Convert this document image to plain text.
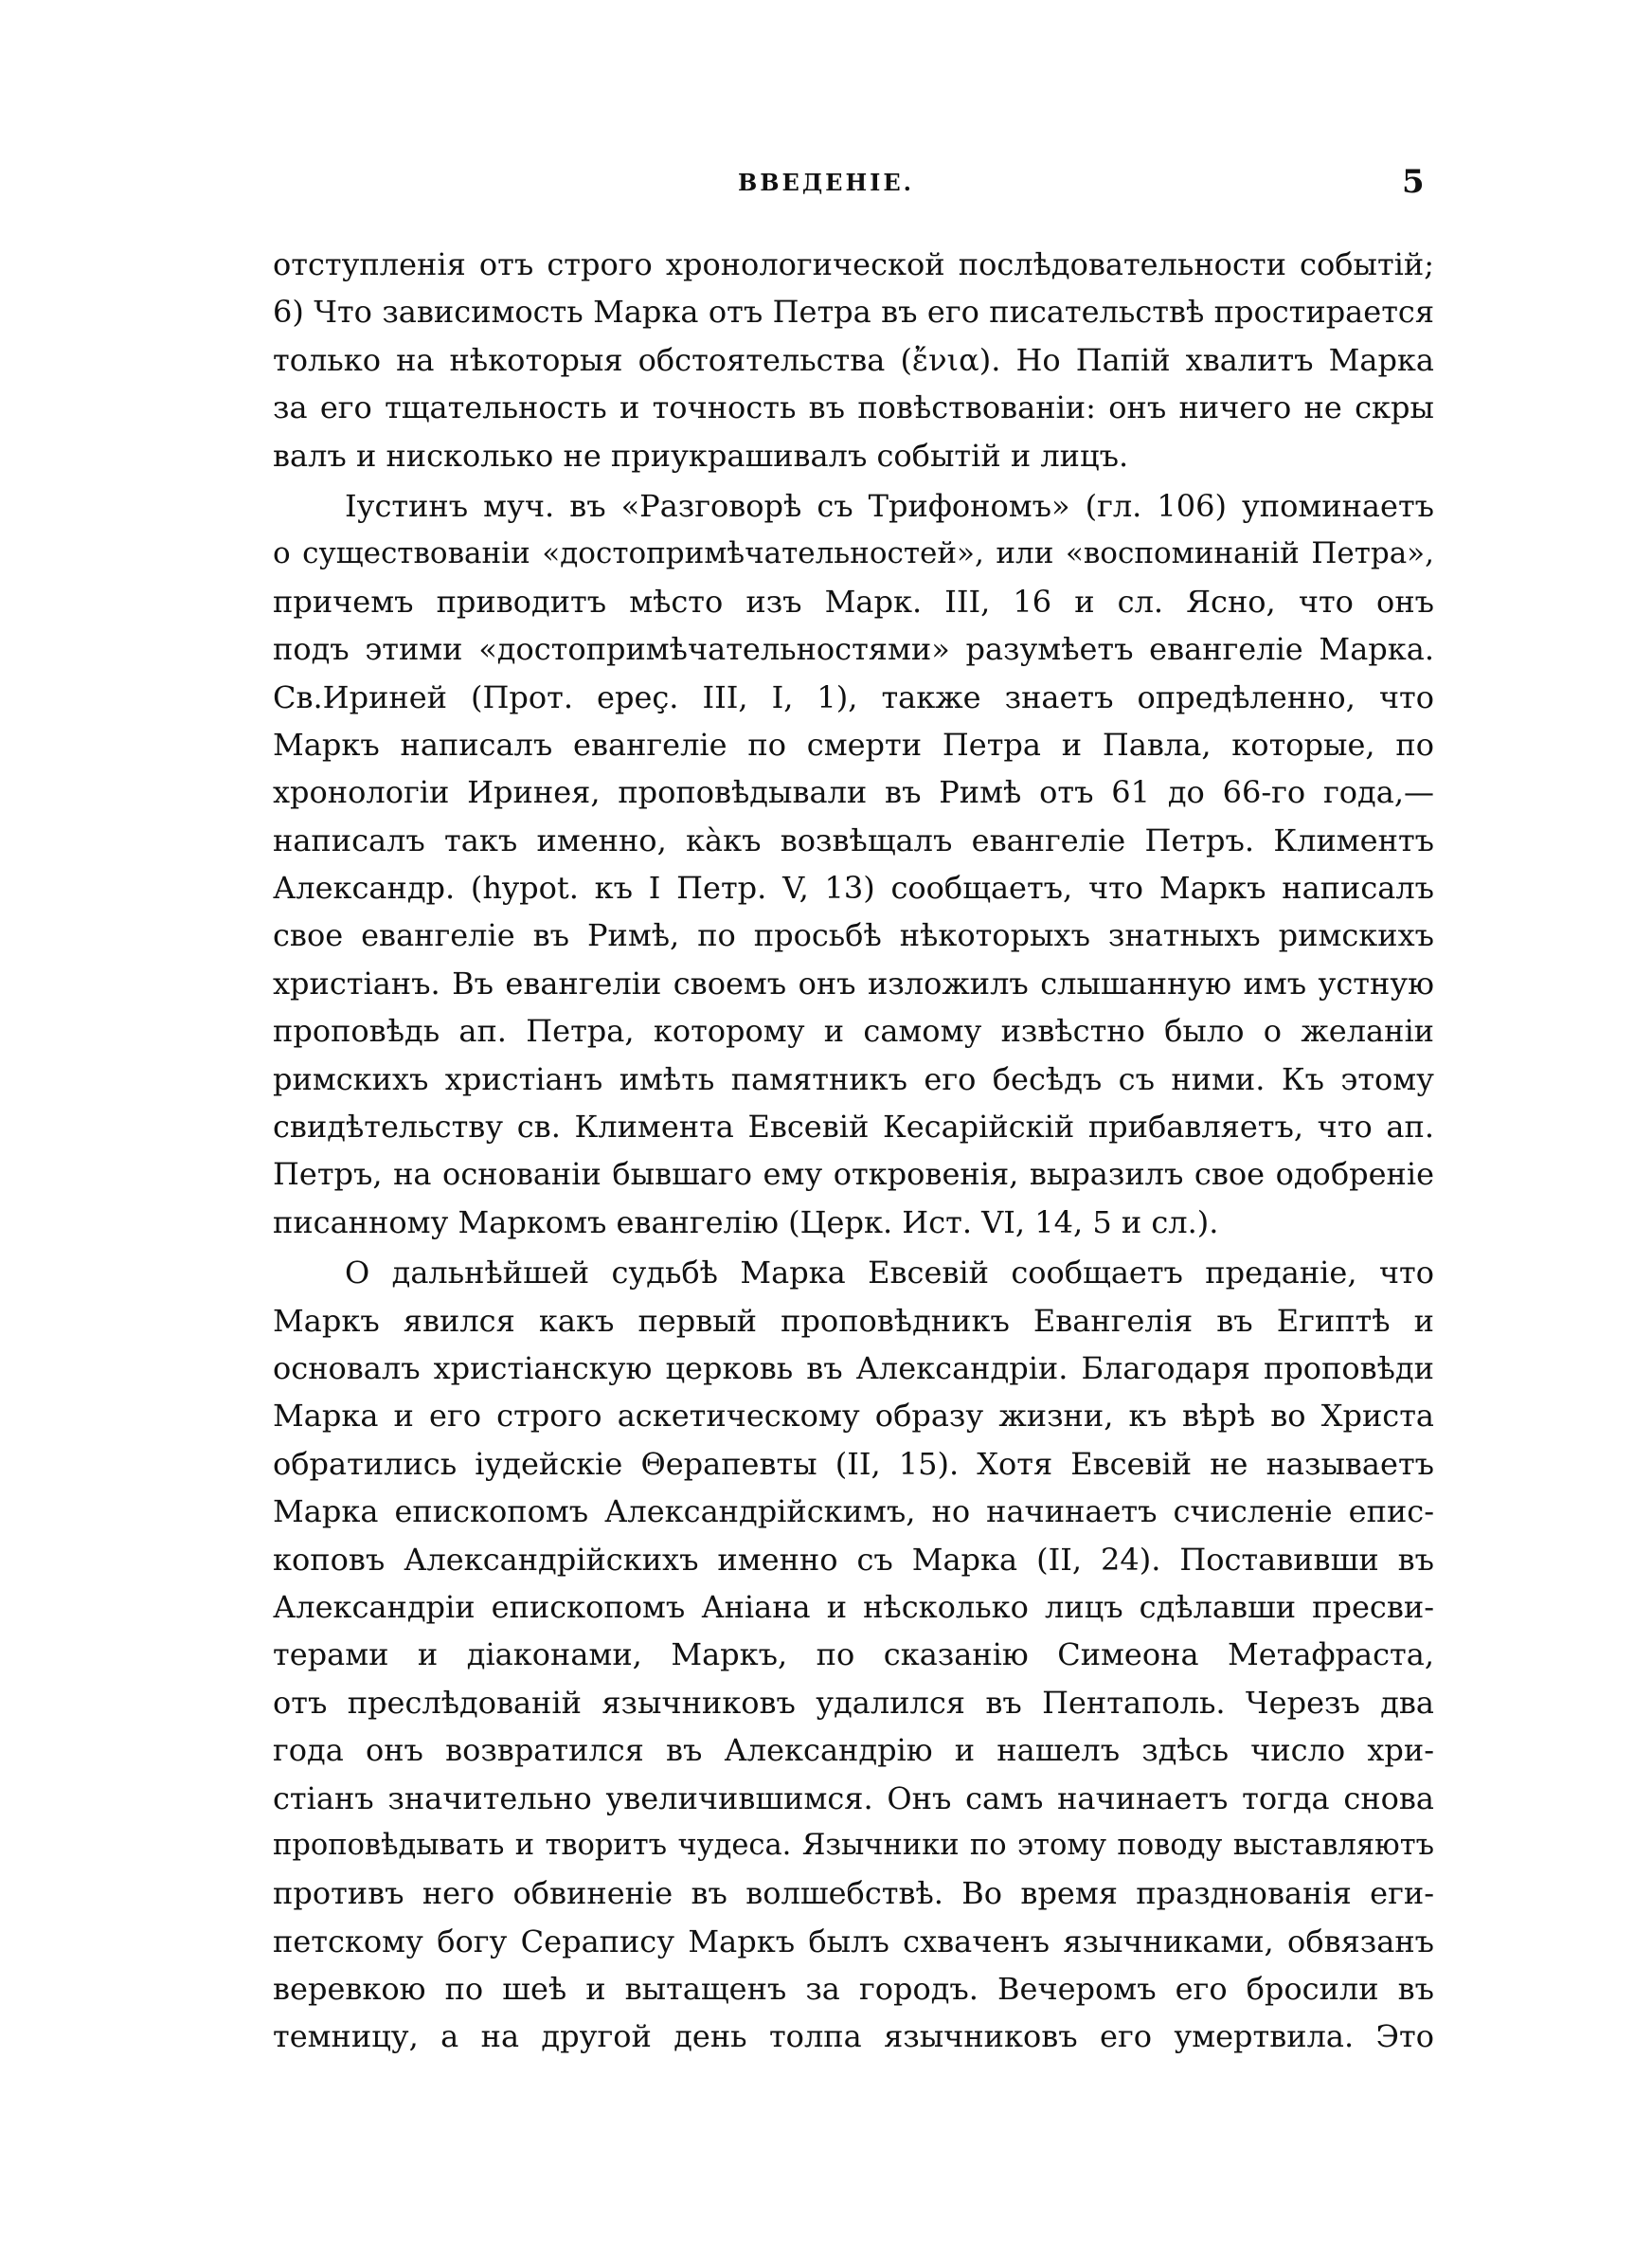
ВВЕДЕНІЕ.	5
отступленія отъ строго хронологической послѣдовательности событій;
6) Что зависимость Марка отъ Петра въ его писательствѣ простирается
только на нѣкоторыя обстоятельства (ἔνια). Но Папій хвалитъ Марка
за его тщательность и точность въ повѣствованіи: онъ ничего не скры
валъ и нисколько не приукрашивалъ событій и лицъ.
Іустинъ муч. въ «Разговорѣ съ Трифономъ» (гл. 106) упоминаетъ
о существованіи «достопримѣчательностей», или «воспоминаній Петра»,
причемъ приводитъ мѣсто изъ Марк. III, 16 и сл. Ясно, что онъ
подъ этими «достопримѣчательностями» разумѣетъ евангеліе Марка.
Св.Ириней (Прот. ереç. III, I, 1), также знаетъ опредѣленно, что
Маркъ написалъ евангеліе по смерти Петра и Павла, которые, по
хронологіи Иринея, проповѣдывали въ Римѣ отъ 61 до 66-го года,—
написалъ такъ именно, кàкъ возвѣщалъ евангеліе Петръ. Климентъ
Александр. (hypot. къ I Петр. V, 13) сообщаетъ, что Маркъ написалъ
свое евангеліе въ Римѣ, по просьбѣ нѣкоторыхъ знатныхъ римскихъ
христіанъ. Въ евангеліи своемъ онъ изложилъ слышанную имъ устную
проповѣдь ап. Петра, которому и самому извѣстно было о желаніи
римскихъ христіанъ имѣть памятникъ его бесѣдъ съ ними. Къ этому
свидѣтельству св. Климента Евсевій Кесарійскій прибавляетъ, что ап.
Петръ, на основаніи бывшаго ему откровенія, выразилъ свое одобреніе
писанному Маркомъ евангелію (Церк. Ист. VI, 14, 5 и сл.).
О дальнѣйшей судьбѣ Марка Евсевій сообщаетъ преданіе, что
Маркъ явился какъ первый проповѣдникъ Евангелія въ Египтѣ и
основалъ христіанскую церковь въ Александріи. Благодаря проповѣди
Марка и его строго аскетическому образу жизни, къ вѣрѣ во Христа
обратились іудейскіе Θерапевты (II, 15). Хотя Евсевій не называетъ
Марка епископомъ Александрійскимъ, но начинаетъ счисленіе епис-
коповъ Александрійскихъ именно съ Марка (II, 24). Поставивши въ
Александріи епископомъ Аніана и нѣсколько лицъ сдѣлавши пресви-
терами и діаконами, Маркъ, по сказанію Симеона Метафраста,
отъ преслѣдованій язычниковъ удалился въ Пентаполь. Черезъ два
года онъ возвратился въ Александрію и нашелъ здѣсь число хри-
стіанъ значительно увеличившимся. Онъ самъ начинаетъ тогда снова
проповѣдывать и творитъ чудеса. Язычники по этому поводу выставляютъ
противъ него обвиненіе въ волшебствѣ. Во время празднованія еги-
петскому богу Серапису Маркъ былъ схваченъ язычниками, обвязанъ
веревкою по шеѣ и вытащенъ за городъ. Вечеромъ его бросили въ
темницу, а на другой день толпа язычниковъ его умертвила. Это
